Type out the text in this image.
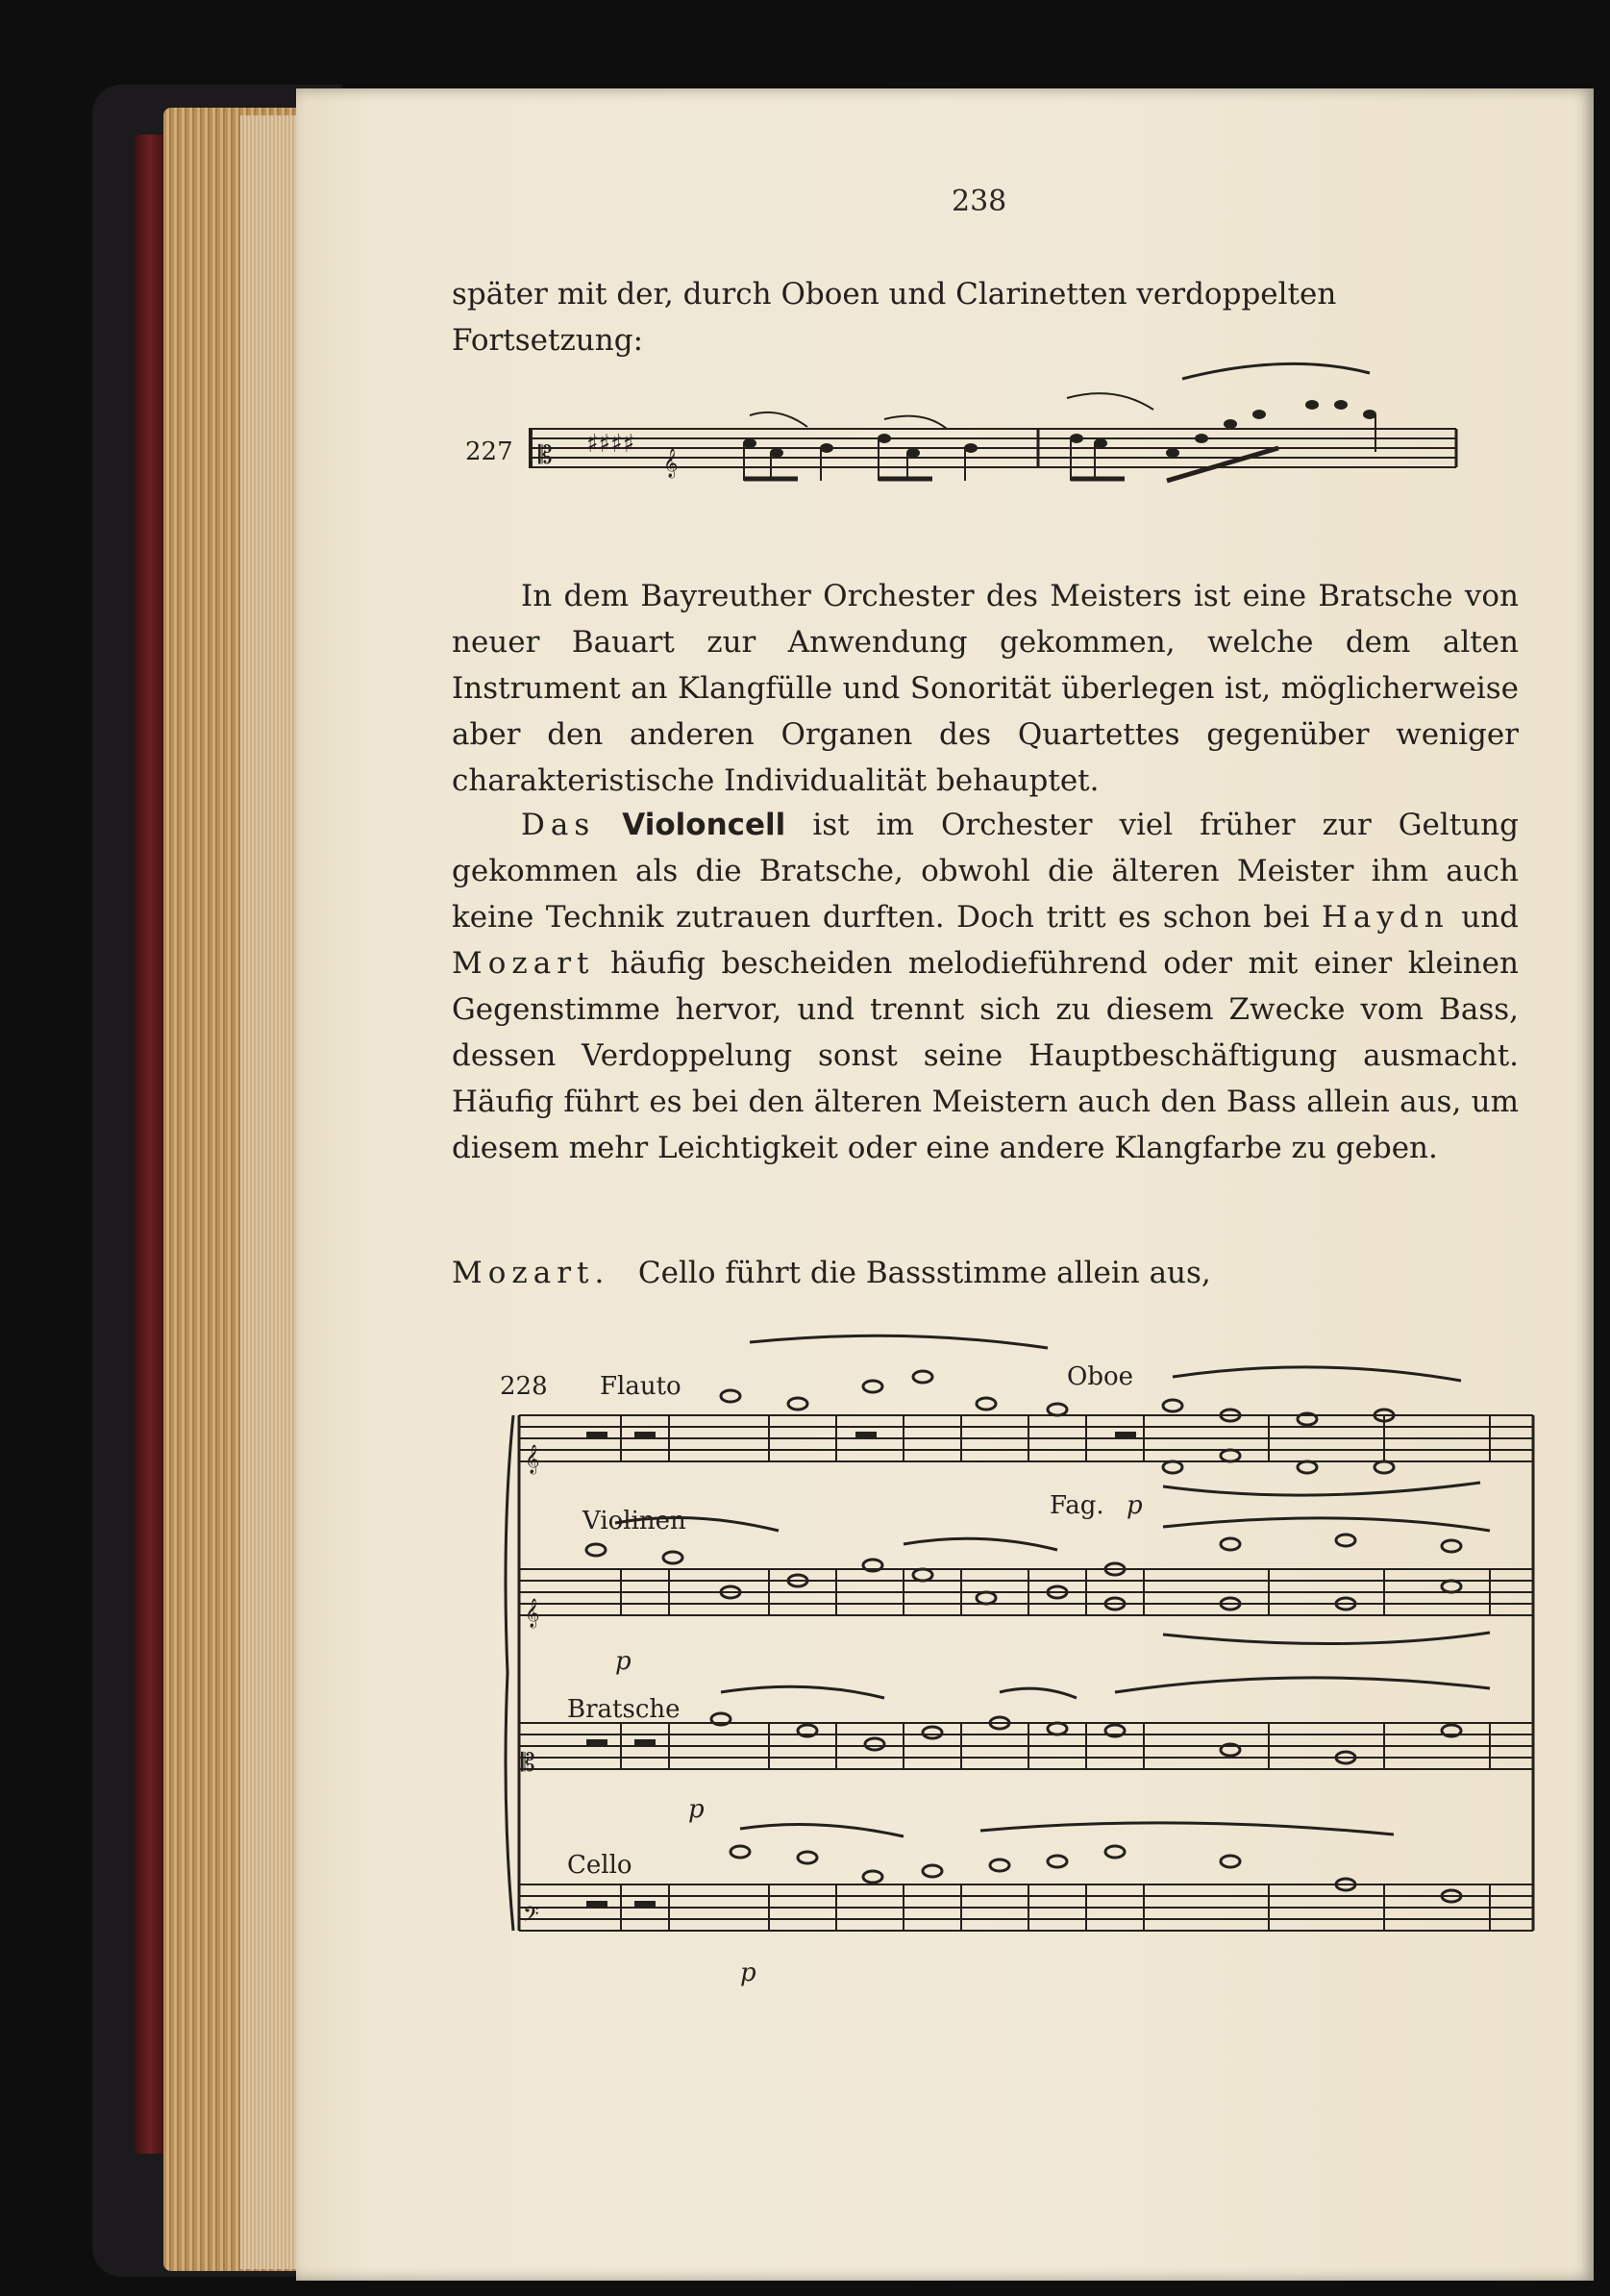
238
später mit der, durch Oboen und Clarinetten verdoppelten Fortsetzung:
227 𝄡 ♯♯♯♯
𝄞

In dem Bayreuther Orchester des Meisters ist eine Bratsche von neuer Bauart zur Anwendung gekommen, welche dem alten Instrument an Klangfülle und Sonorität überlegen ist, möglicherweise aber den anderen Organen des Quartettes gegenüber weniger charakteristische Individualität behauptet.

Das Violoncell ist im Orchester viel früher zur Geltung gekommen als die Bratsche, obwohl die älteren Meister ihm auch keine Technik zutrauen durften. Doch tritt es schon bei Haydn und Mozart häufig bescheiden melodieführend oder mit einer kleinen Gegenstimme hervor, und trennt sich zu diesem Zwecke vom Bass, dessen Verdoppelung sonst seine Hauptbeschäftigung ausmacht. Häufig führt es bei den älteren Meistern auch den Bass allein aus, um diesem mehr Leichtigkeit oder eine andere Klangfarbe zu geben.

Mozart. Cello führt die Bassstimme allein aus,
𝄞
𝄞
𝄡
𝄢
228 Flauto	Oboe
Fag. p
Violinen
p
Bratsche
p
Cello
p
